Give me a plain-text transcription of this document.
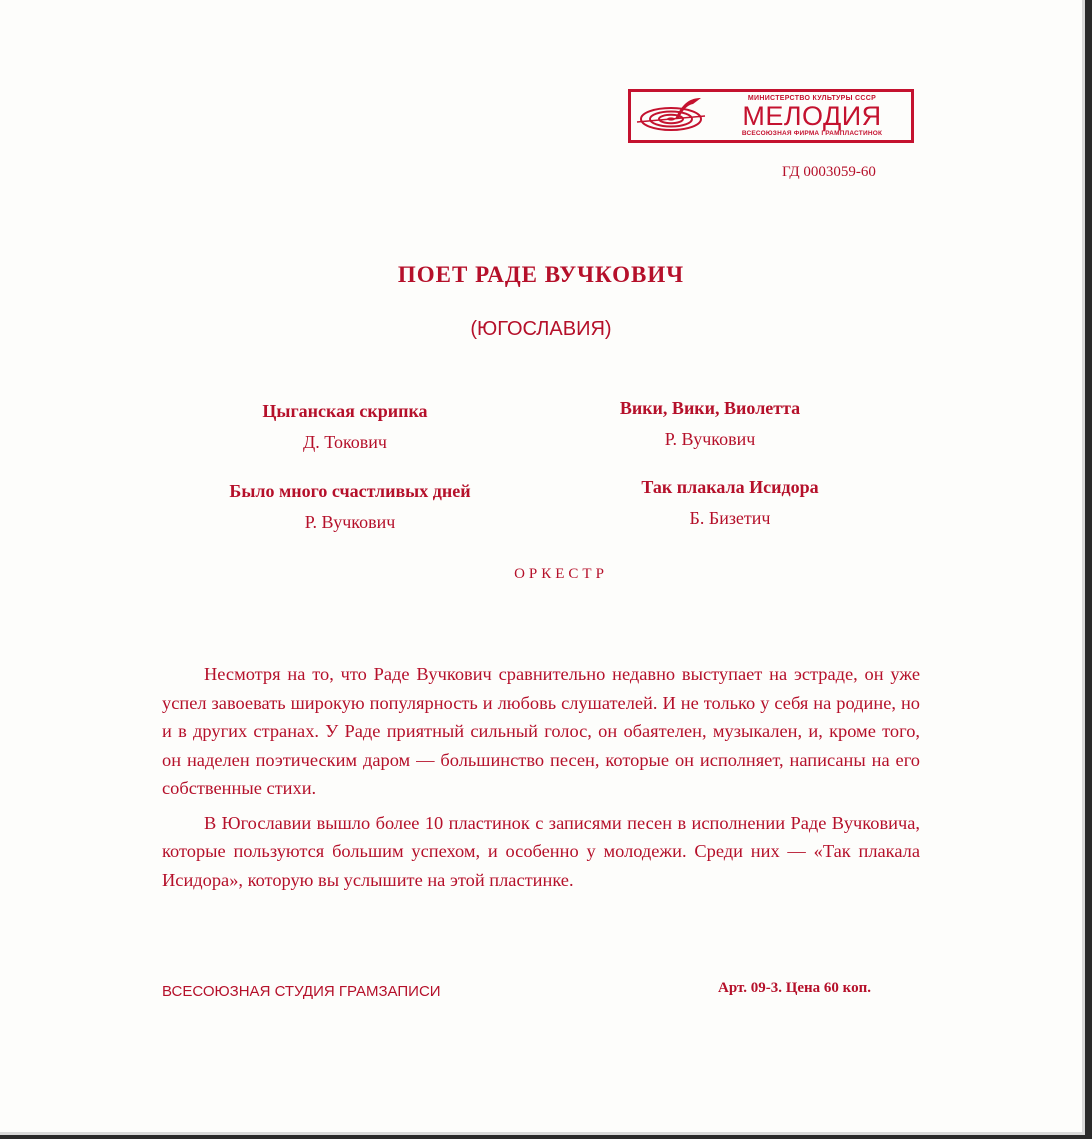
МИНИСТЕРСТВО КУЛЬТУРЫ СССР
МЕЛОДИЯ
ВСЕСОЮЗНАЯ ФИРМА ГРАМПЛАСТИНОК
ГД 0003059-60
ПОЕТ РАДЕ ВУЧКОВИЧ
(ЮГОСЛАВИЯ)
Цыганская скрипка
Д. Токович
Вики, Вики, Виолетта
Р. Вучкович
Было много счастливых дней
Р. Вучкович
Так плакала Исидора
Б. Бизетич
ОРКЕСТР

Несмотря на то, что Раде Вучкович сравнительно недавно выступает на эстраде, он уже успел завоевать широкую популярность и любовь слушателей. И не только у себя на родине, но и в других странах. У Раде приятный сильный голос, он обаятелен, музыкален, и, кроме того, он наделен поэтическим даром — большинство песен, которые он исполняет, написаны на его собственные стихи.

В Югославии вышло более 10 пластинок с записями песен в исполнении Раде Вучковича, которые пользуются большим успехом, и особенно у молодежи. Среди них — «Так плакала Исидора», которую вы услышите на этой пластинке.

ВСЕСОЮЗНАЯ СТУДИЯ ГРАМЗАПИСИ	Арт. 09-3. Цена 60 коп.
